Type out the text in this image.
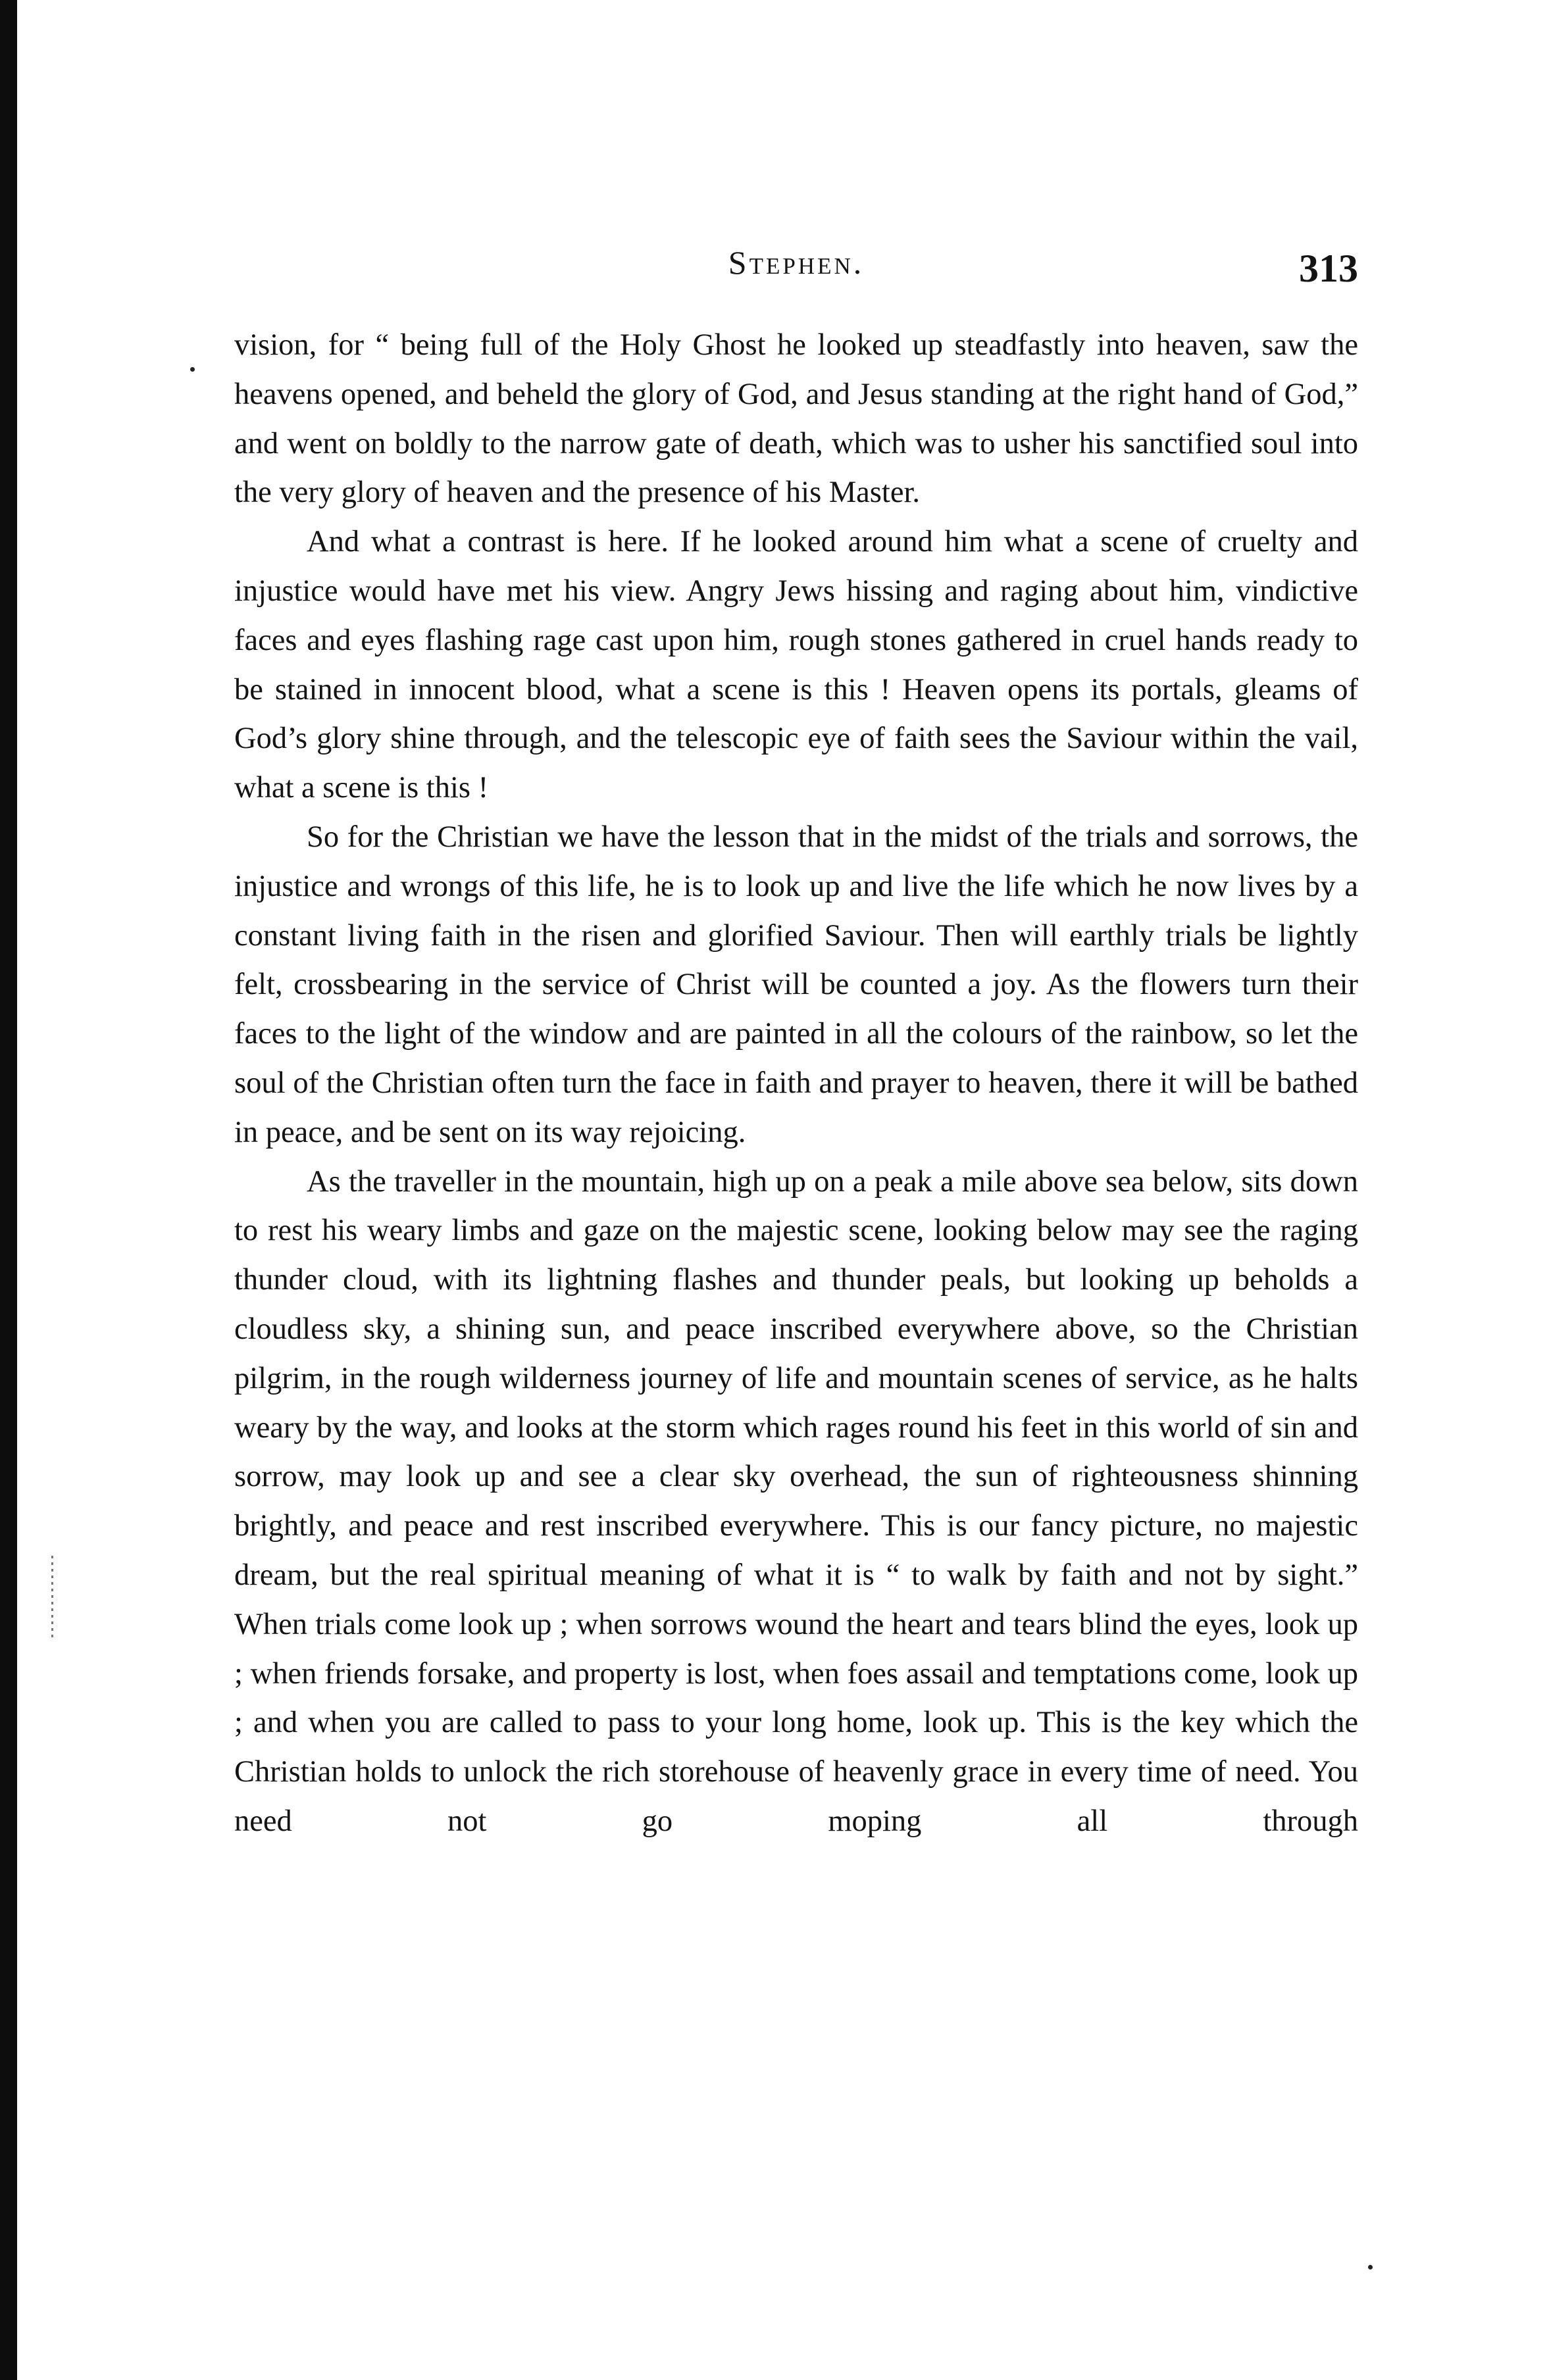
Stephen.	313

vision, for “ being full of the Holy Ghost he looked up steadfastly into heaven, saw the heavens opened, and beheld the glory of God, and Jesus standing at the right hand of God,” and went on boldly to the narrow gate of death, which was to usher his sanctified soul into the very glory of heaven and the presence of his Master.

And what a contrast is here. If he looked around him what a scene of cruelty and injustice would have met his view. Angry Jews hissing and raging about him, vindictive faces and eyes flashing rage cast upon him, rough stones gathered in cruel hands ready to be stained in innocent blood, what a scene is this ! Heaven opens its portals, gleams of God’s glory shine through, and the telescopic eye of faith sees the Saviour within the vail, what a scene is this !

So for the Christian we have the lesson that in the midst of the trials and sorrows, the injustice and wrongs of this life, he is to look up and live the life which he now lives by a constant living faith in the risen and glorified Saviour. Then will earthly trials be lightly felt, crossbearing in the service of Christ will be counted a joy. As the flowers turn their faces to the light of the window and are painted in all the colours of the rainbow, so let the soul of the Christian often turn the face in faith and prayer to heaven, there it will be bathed in peace, and be sent on its way rejoicing.

As the traveller in the mountain, high up on a peak a mile above sea below, sits down to rest his weary limbs and gaze on the majestic scene, looking below may see the raging thunder cloud, with its lightning flashes and thunder peals, but looking up beholds a cloudless sky, a shining sun, and peace inscribed everywhere above, so the Christian pilgrim, in the rough wilderness journey of life and mountain scenes of service, as he halts weary by the way, and looks at the storm which rages round his feet in this world of sin and sorrow, may look up and see a clear sky overhead, the sun of righteousness shinning brightly, and peace and rest inscribed everywhere. This is our fancy picture, no majestic dream, but the real spiritual meaning of what it is “ to walk by faith and not by sight.” When trials come look up ; when sorrows wound the heart and tears blind the eyes, look up ; when friends forsake, and property is lost, when foes assail and temptations come, look up ; and when you are called to pass to your long home, look up. This is the key which the Christian holds to unlock the rich storehouse of heavenly grace in every time of need. You need not go moping all through
